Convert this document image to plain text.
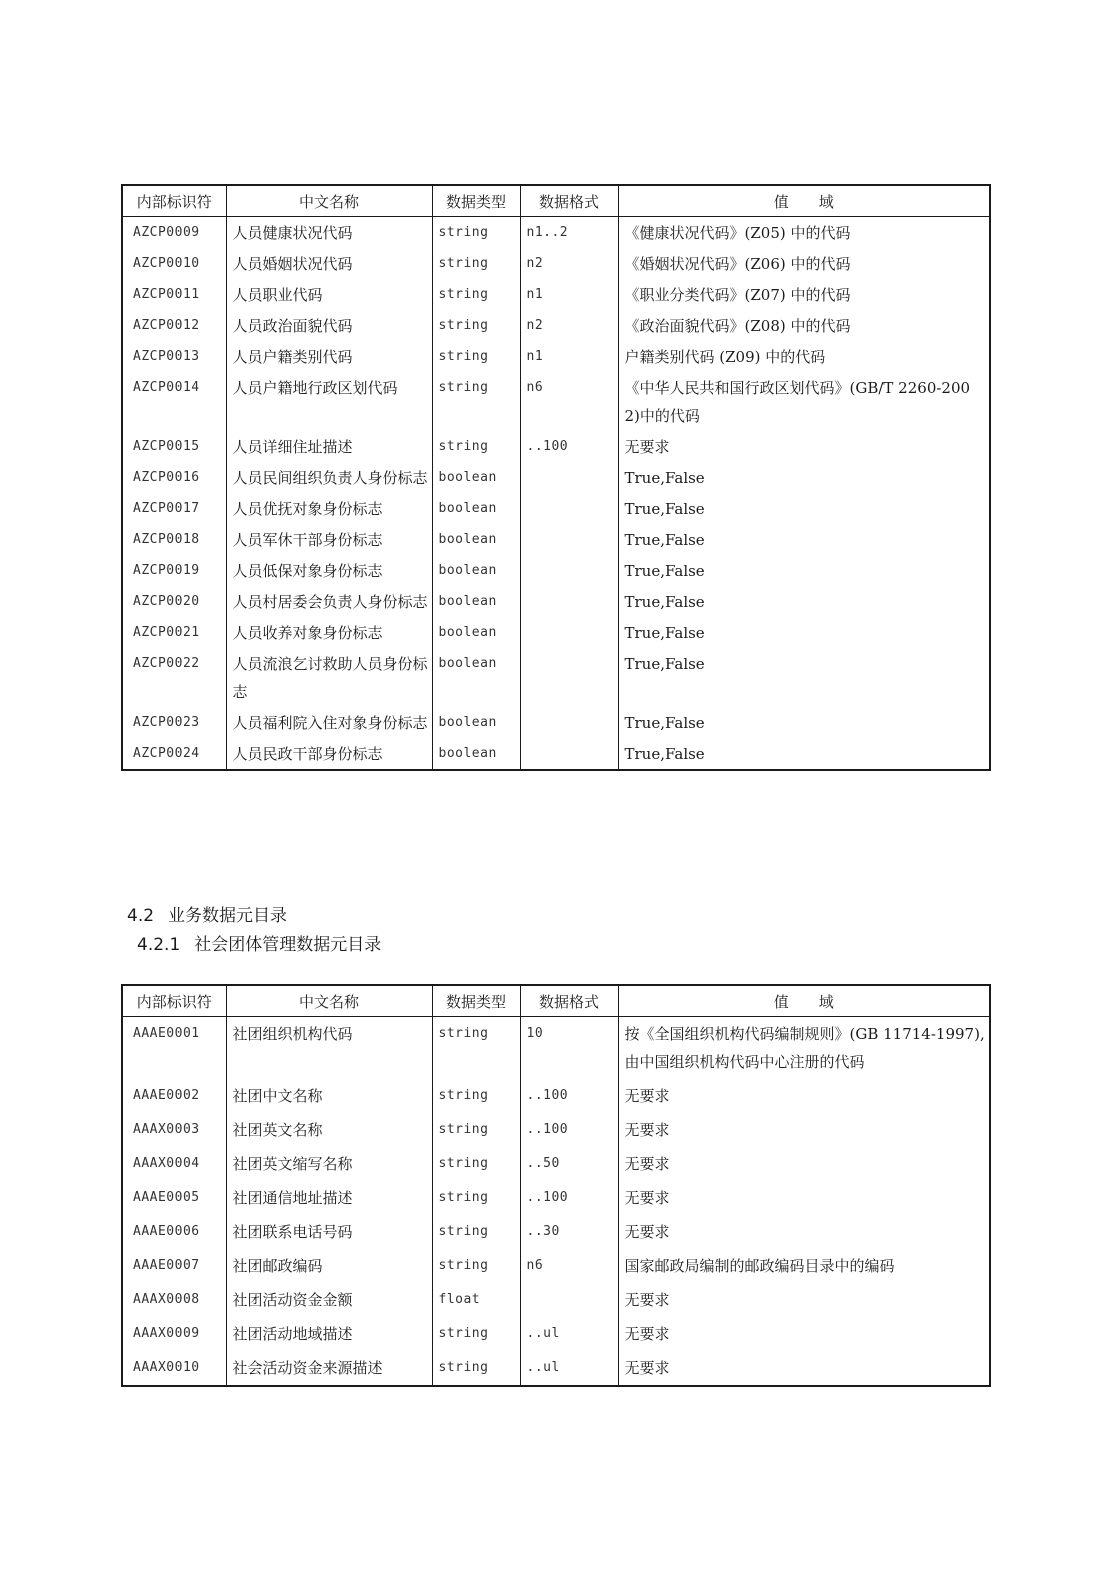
内部标识符	中文名称	数据类型	数据格式	值　　域
AZCP0009	人员健康状况代码	string	n1..2	《健康状况代码》(Z05) 中的代码
AZCP0010	人员婚姻状况代码	string	n2	《婚姻状况代码》(Z06) 中的代码
AZCP0011	人员职业代码	string	n1	《职业分类代码》(Z07) 中的代码
AZCP0012	人员政治面貌代码	string	n2	《政治面貌代码》(Z08) 中的代码
AZCP0013	人员户籍类别代码	string	n1	户籍类别代码 (Z09) 中的代码
AZCP0014	人员户籍地行政区划代码	string	n6	《中华人民共和国行政区划代码》(GB/T 2260-2002)中的代码
AZCP0015	人员详细住址描述	string	..100	无要求
AZCP0016	人员民间组织负责人身份标志	boolean		True,False
AZCP0017	人员优抚对象身份标志	boolean		True,False
AZCP0018	人员军休干部身份标志	boolean		True,False
AZCP0019	人员低保对象身份标志	boolean		True,False
AZCP0020	人员村居委会负责人身份标志	boolean		True,False
AZCP0021	人员收养对象身份标志	boolean		True,False
AZCP0022	人员流浪乞讨救助人员身份标志	boolean		True,False
AZCP0023	人员福利院入住对象身份标志	boolean		True,False
AZCP0024	人员民政干部身份标志	boolean		True,False
4.2 业务数据元目录
4.2.1 社会团体管理数据元目录
内部标识符	中文名称	数据类型	数据格式	值　　域
AAAE0001	社团组织机构代码	string	10	按《全国组织机构代码编制规则》(GB 11714-1997),由中国组织机构代码中心注册的代码
AAAE0002	社团中文名称	string	..100	无要求
AAAX0003	社团英文名称	string	..100	无要求
AAAX0004	社团英文缩写名称	string	..50	无要求
AAAE0005	社团通信地址描述	string	..100	无要求
AAAE0006	社团联系电话号码	string	..30	无要求
AAAE0007	社团邮政编码	string	n6	国家邮政局编制的邮政编码目录中的编码
AAAX0008	社团活动资金金额	float		无要求
AAAX0009	社团活动地域描述	string	..ul	无要求
AAAX0010	社会活动资金来源描述	string	..ul	无要求
